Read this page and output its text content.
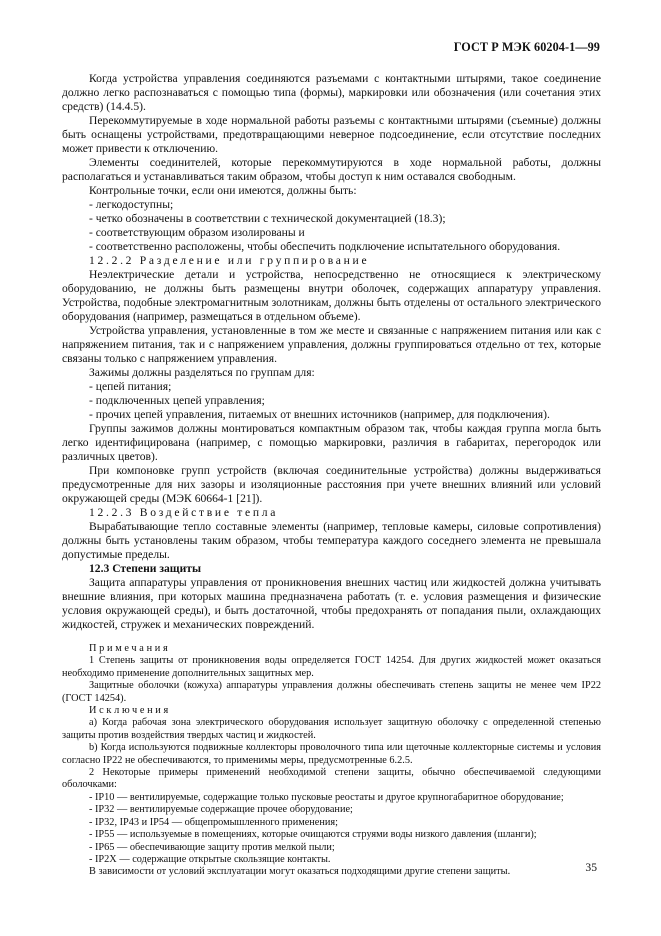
ГОСТ Р МЭК 60204-1—99

Когда устройства управления соединяются разъемами с контактными штырями, такое соединение должно легко распознаваться с помощью типа (формы), маркировки или обозначения (или сочетания этих средств) (14.4.5).

Перекоммутируемые в ходе нормальной работы разъемы с контактными штырями (съемные) должны быть оснащены устройствами, предотвращающими неверное подсоединение, если отсутствие последних может привести к отключению.

Элементы соединителей, которые перекоммутируются в ходе нормальной работы, должны располагаться и устанавливаться таким образом, чтобы доступ к ним оставался свободным.

Контрольные точки, если они имеются, должны быть:

- легкодоступны;

- четко обозначены в соответствии с технической документацией (18.3);

- соответствующим образом изолированы и

- соответственно расположены, чтобы обеспечить подключение испытательного оборудования.

12.2.2 Разделение или группирование

Неэлектрические детали и устройства, непосредственно не относящиеся к электрическому оборудованию, не должны быть размещены внутри оболочек, содержащих аппаратуру управления. Устройства, подобные электромагнитным золотникам, должны быть отделены от остального электрического оборудования (например, размещаться в отдельном объеме).

Устройства управления, установленные в том же месте и связанные с напряжением питания или как с напряжением питания, так и с напряжением управления, должны группироваться отдельно от тех, которые связаны только с напряжением управления.

Зажимы должны разделяться по группам для:

- цепей питания;

- подключенных цепей управления;

- прочих цепей управления, питаемых от внешних источников (например, для подключения).

Группы зажимов должны монтироваться компактным образом так, чтобы каждая группа могла быть легко идентифицирована (например, с помощью маркировки, различия в габаритах, перегородок или различных цветов).

При компоновке групп устройств (включая соединительные устройства) должны выдерживаться предусмотренные для них зазоры и изоляционные расстояния при учете внешних влияний или условий окружающей среды (МЭК 60664-1 [21]).

12.2.3 Воздействие тепла

Вырабатывающие тепло составные элементы (например, тепловые камеры, силовые сопротивления) должны быть установлены таким образом, чтобы температура каждого соседнего элемента не превышала допустимые пределы.

12.3 Степени защиты

Защита аппаратуры управления от проникновения внешних частиц или жидкостей должна учитывать внешние влияния, при которых машина предназначена работать (т. е. условия размещения и физические условия окружающей среды), и быть достаточной, чтобы предохранять от попадания пыли, охлаждающих жидкостей, стружек и механических повреждений.

Примечания

1 Степень защиты от проникновения воды определяется ГОСТ 14254. Для других жидкостей может оказаться необходимо применение дополнительных защитных мер.

Защитные оболочки (кожуха) аппаратуры управления должны обеспечивать степень защиты не менее чем IP22 (ГОСТ 14254).

Исключения

а) Когда рабочая зона электрического оборудования использует защитную оболочку с определенной степенью защиты против воздействия твердых частиц и жидкостей.

b) Когда используются подвижные коллекторы проволочного типа или щеточные коллекторные системы и условия согласно IP22 не обеспечиваются, то применимы меры, предусмотренные 6.2.5.

2 Некоторые примеры применений необходимой степени защиты, обычно обеспечиваемой следующими оболочками:

- IP10 — вентилируемые, содержащие только пусковые реостаты и другое крупногабаритное оборудование;

- IP32 — вентилируемые содержащие прочее оборудование;

- IP32, IP43 и IP54 — общепромышленного применения;

- IP55 — используемые в помещениях, которые очищаются струями воды низкого давления (шланги);

- IP65 — обеспечивающие защиту против мелкой пыли;

- IP2X — содержащие открытые скользящие контакты.

В зависимости от условий эксплуатации могут оказаться подходящими другие степени защиты.	35
